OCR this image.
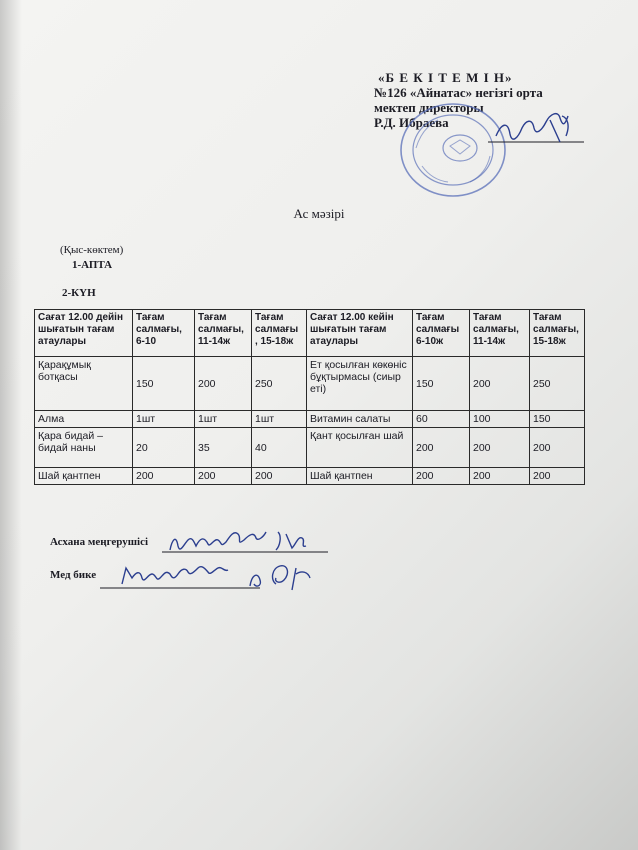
«Б Е К І Т Е М І Н»
№126 «Айнатас» негізгі орта
мектеп директоры
Р.Д. Ибраева
Ас мәзірі
(Қыс-көктем)
1-АПТА
2-КҮН
Сағат 12.00 дейін шығатын тағам атаулары	Тағам салмағы, 6-10	Тағам салмағы, 11-14ж	Тағам салмағы , 15-18ж	Сағат 12.00 кейін шығатын тағам атаулары	Тағам салмағы 6-10ж	Тағам салмағы, 11-14ж	Тағам салмағы, 15-18ж
Қарақұмық ботқасы	150	200	250	Ет қосылған көкөніс бұқтырмасы (сиыр еті)	150	200	250
Алма	1шт	1шт	1шт	Витамин салаты	60	100	150
Қара бидай – бидай наны	20	35	40	Қант қосылған шай	200	200	200
Шай қантпен	200	200	200	Шай қантпен	200	200	200
Асхана меңгерушісі
Мед бике
